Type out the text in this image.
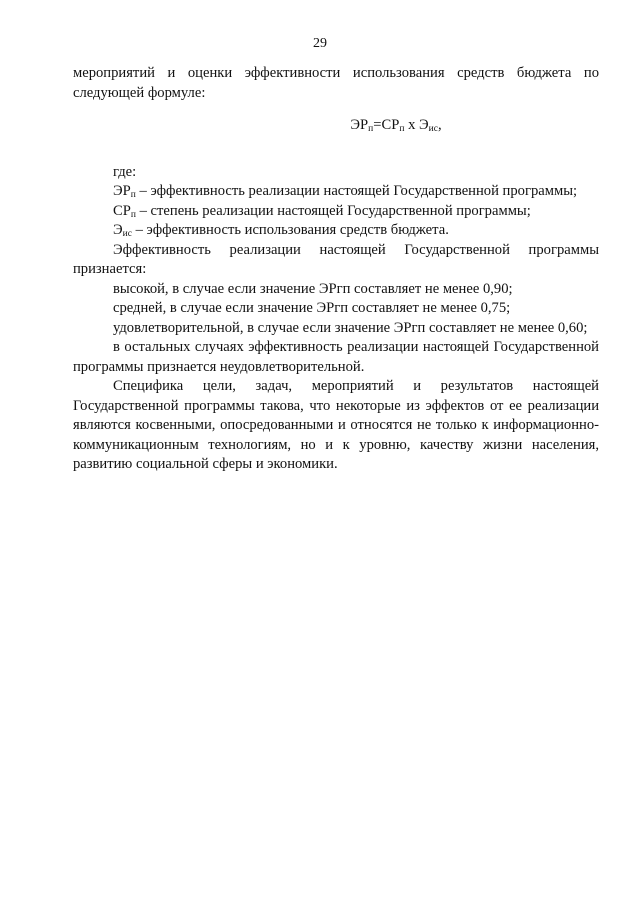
29

мероприятий и оценки эффективности использования средств бюджета по следующей формуле:

$ЭР_п=СР_п$ х $Э_{ис}$,

где:

$ЭР_п$ – эффективность реализации настоящей Государственной программы;

$СР_п$ – степень реализации настоящей Государственной программы;

$Э_{ис}$ – эффективность использования средств бюджета.

Эффективность реализации настоящей Государственной программы признается:

высокой, в случае если значение ЭРгп составляет не менее 0,90;

средней, в случае если значение ЭРгп составляет не менее 0,75;

удовлетворительной, в случае если значение ЭРгп составляет не менее 0,60;

в остальных случаях эффективность реализации настоящей Государственной программы признается неудовлетворительной.

Специфика цели, задач, мероприятий и результатов настоящей Государственной программы такова, что некоторые из эффектов от ее реализации являются косвенными, опосредованными и относятся не только к информационно-коммуникационным технологиям, но и к уровню, качеству жизни населения, развитию социальной сферы и экономики.
